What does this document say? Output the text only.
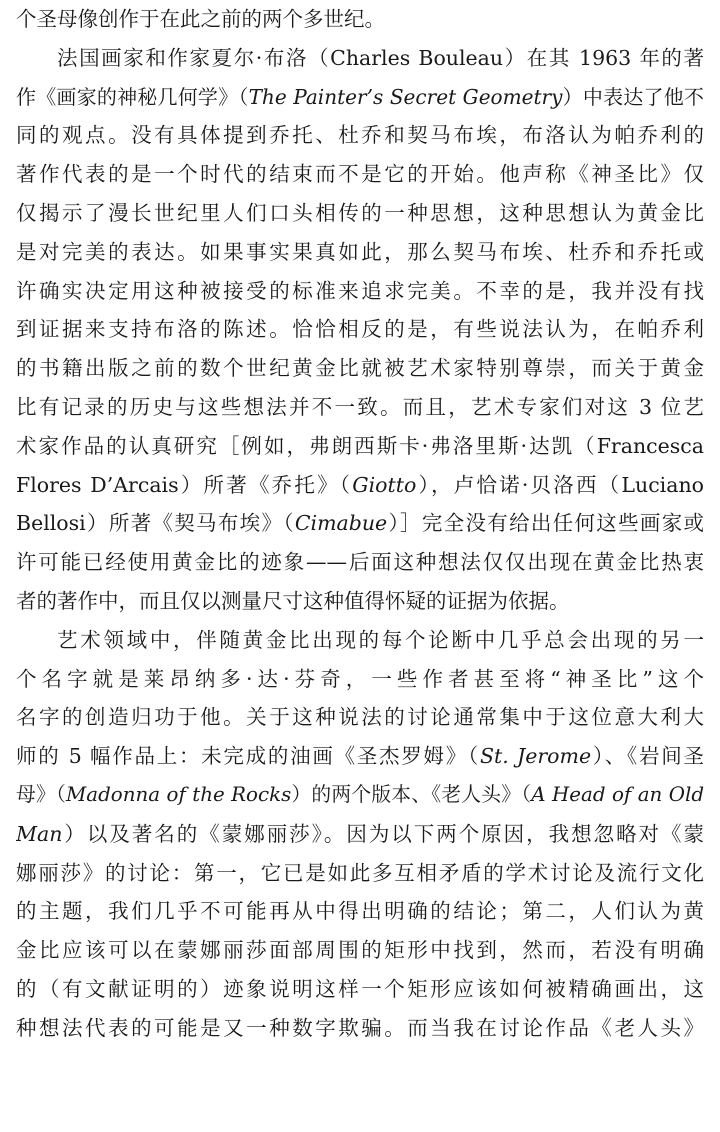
个圣母像创作于在此之前的两个多世纪。
法国画家和作家夏尔·布洛（Charles Bouleau）在其 1963 年的著
作《画家的神秘几何学》（The Painter’s Secret Geometry）中表达了他不
同的观点。没有具体提到乔托、杜乔和契马布埃，布洛认为帕乔利的
著作代表的是一个时代的结束而不是它的开始。他声称《神圣比》仅
仅揭示了漫长世纪里人们口头相传的一种思想，这种思想认为黄金比
是对完美的表达。如果事实果真如此，那么契马布埃、杜乔和乔托或
许确实决定用这种被接受的标准来追求完美。不幸的是，我并没有找
到证据来支持布洛的陈述。恰恰相反的是，有些说法认为，在帕乔利
的书籍出版之前的数个世纪黄金比就被艺术家特别尊崇，而关于黄金
比有记录的历史与这些想法并不一致。而且，艺术专家们对这 3 位艺
术家作品的认真研究［例如，弗朗西斯卡·弗洛里斯·达凯（Francesca
Flores D’Arcais）所著《乔托》（Giotto），卢恰诺·贝洛西（Luciano
Bellosi）所著《契马布埃》（Cimabue）］完全没有给出任何这些画家或
许可能已经使用黄金比的迹象——后面这种想法仅仅出现在黄金比热衷
者的著作中，而且仅以测量尺寸这种值得怀疑的证据为依据。
艺术领域中，伴随黄金比出现的每个论断中几乎总会出现的另一
个名字就是莱昂纳多·达·芬奇，一些作者甚至将“神圣比”这个
名字的创造归功于他。关于这种说法的讨论通常集中于这位意大利大
师的 5 幅作品上：未完成的油画《圣杰罗姆》（St. Jerome）、《岩间圣
母》（Madonna of the Rocks）的两个版本、《老人头》（A Head of an Old
Man）以及著名的《蒙娜丽莎》。因为以下两个原因，我想忽略对《蒙
娜丽莎》的讨论：第一，它已是如此多互相矛盾的学术讨论及流行文化
的主题，我们几乎不可能再从中得出明确的结论；第二，人们认为黄
金比应该可以在蒙娜丽莎面部周围的矩形中找到，然而，若没有明确
的（有文献证明的）迹象说明这样一个矩形应该如何被精确画出，这
种想法代表的可能是又一种数字欺骗。而当我在讨论作品《老人头》
